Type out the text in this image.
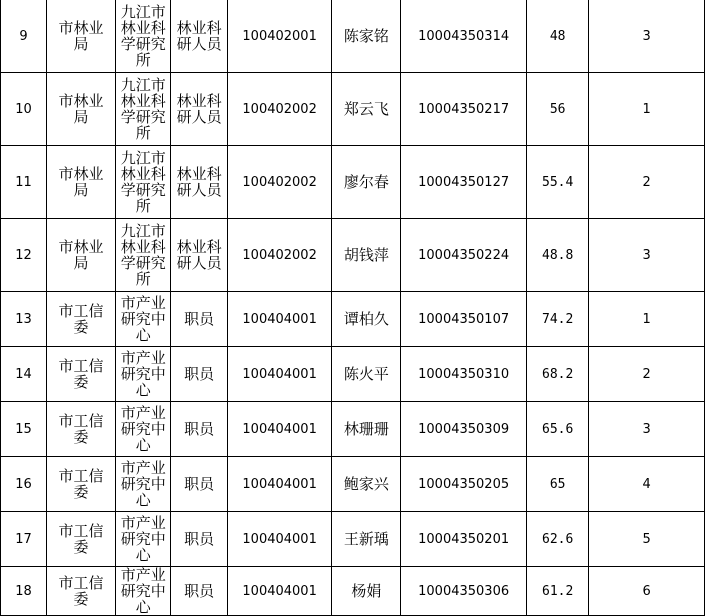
9	市林业局	九江市林业科学研究所	林业科研人员	100402001	陈家铭	10004350314	48	3
10	市林业局	九江市林业科学研究所	林业科研人员	100402002	郑云飞	10004350217	56	1
11	市林业局	九江市林业科学研究所	林业科研人员	100402002	廖尔春	10004350127	55.4	2
12	市林业局	九江市林业科学研究所	林业科研人员	100402002	胡钱萍	10004350224	48.8	3
13	市工信委	市产业研究中心	职员	100404001	谭柏久	10004350107	74.2	1
14	市工信委	市产业研究中心	职员	100404001	陈火平	10004350310	68.2	2
15	市工信委	市产业研究中心	职员	100404001	林珊珊	10004350309	65.6	3
16	市工信委	市产业研究中心	职员	100404001	鲍家兴	10004350205	65	4
17	市工信委	市产业研究中心	职员	100404001	王新瑀	10004350201	62.6	5
18	市工信委	市产业研究中心	职员	100404001	杨娟	10004350306	61.2	6
